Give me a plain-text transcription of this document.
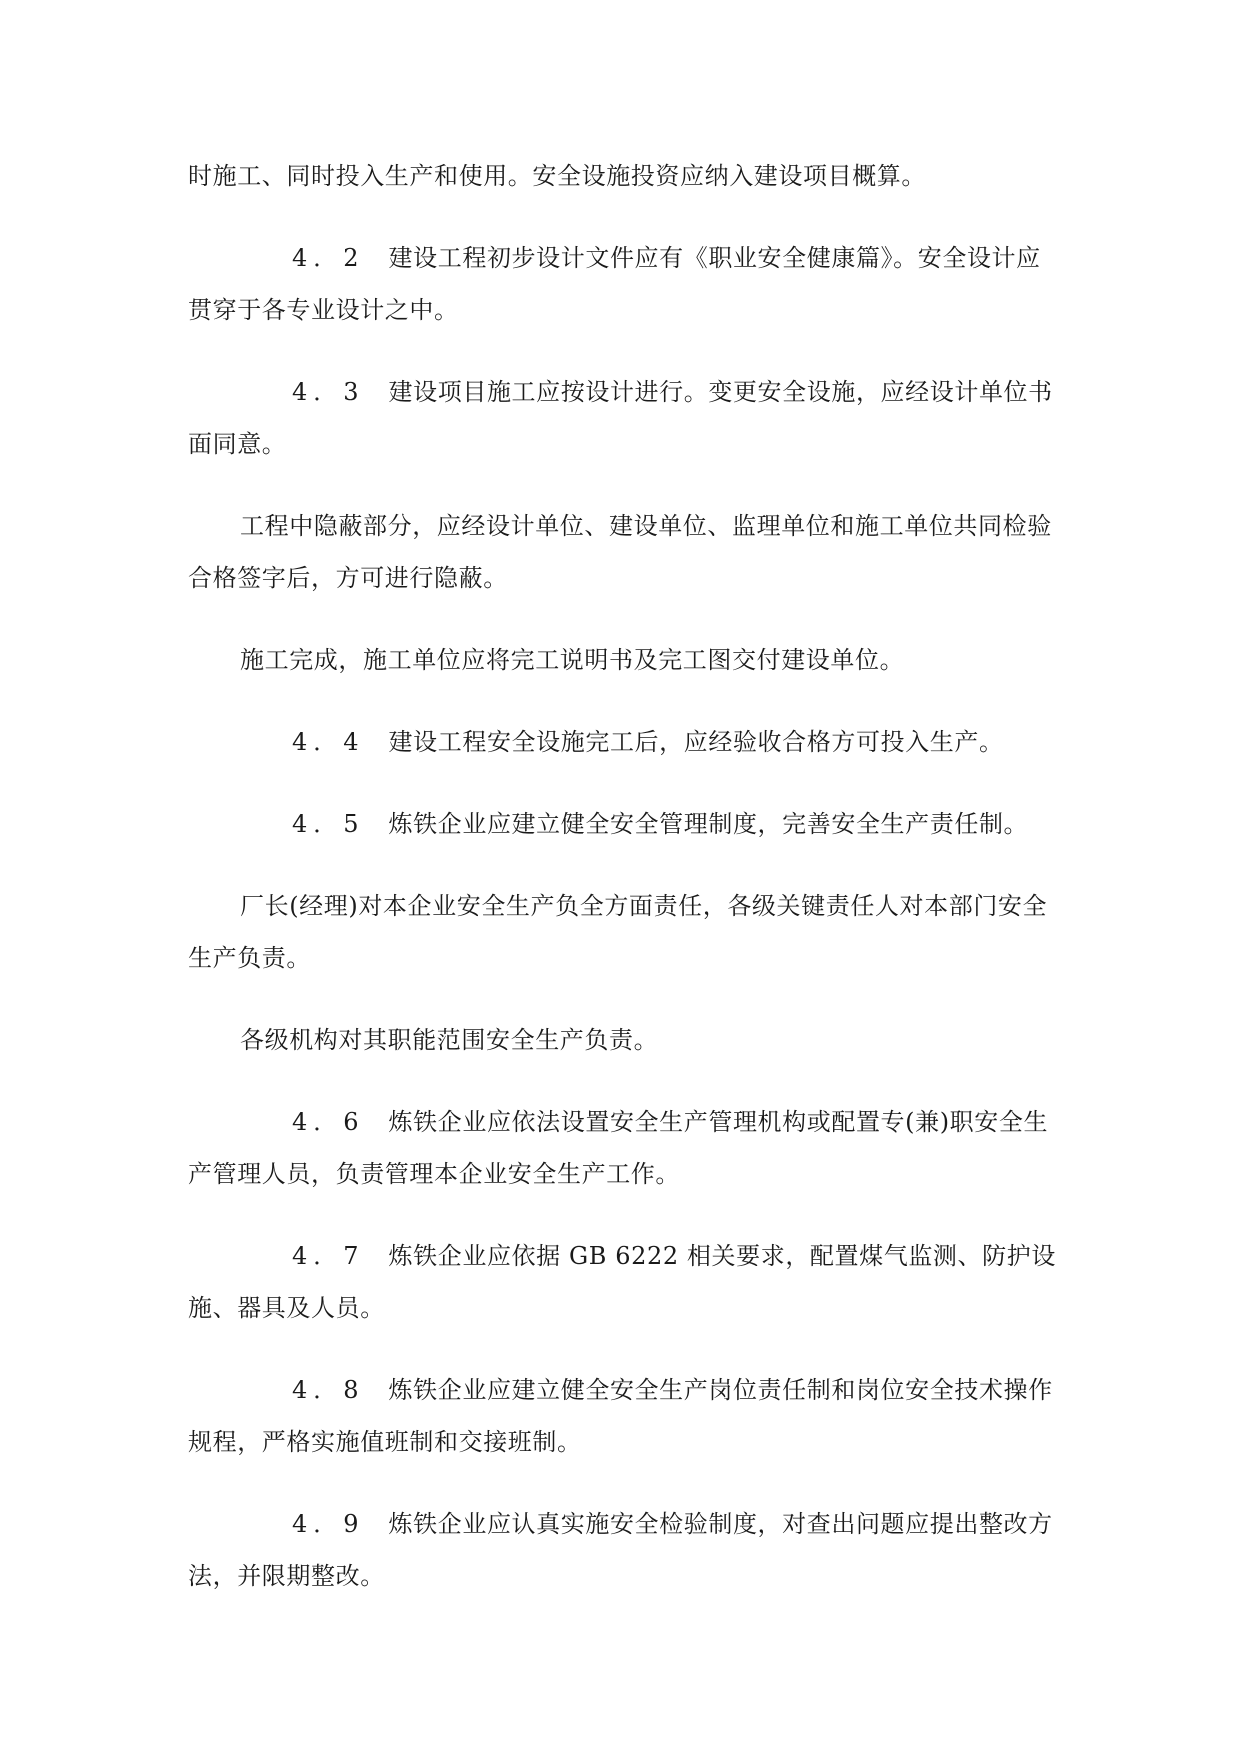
时施工、同时投入生产和使用。安全设施投资应纳入建设项目概算。

4．2 建设工程初步设计文件应有《职业安全健康篇》。安全设计应贯穿于各专业设计之中。

4．3 建设项目施工应按设计进行。变更安全设施，应经设计单位书面同意。

工程中隐蔽部分，应经设计单位、建设单位、监理单位和施工单位共同检验合格签字后，方可进行隐蔽。

施工完成，施工单位应将完工说明书及完工图交付建设单位。

4．4 建设工程安全设施完工后，应经验收合格方可投入生产。

4．5 炼铁企业应建立健全安全管理制度，完善安全生产责任制。

厂长(经理)对本企业安全生产负全方面责任，各级关键责任人对本部门安全生产负责。

各级机构对其职能范围安全生产负责。

4．6 炼铁企业应依法设置安全生产管理机构或配置专(兼)职安全生产管理人员，负责管理本企业安全生产工作。

4．7 炼铁企业应依据 GB 6222 相关要求，配置煤气监测、防护设施、器具及人员。

4．8 炼铁企业应建立健全安全生产岗位责任制和岗位安全技术操作规程，严格实施值班制和交接班制。

4．9 炼铁企业应认真实施安全检验制度，对查出问题应提出整改方法，并限期整改。
